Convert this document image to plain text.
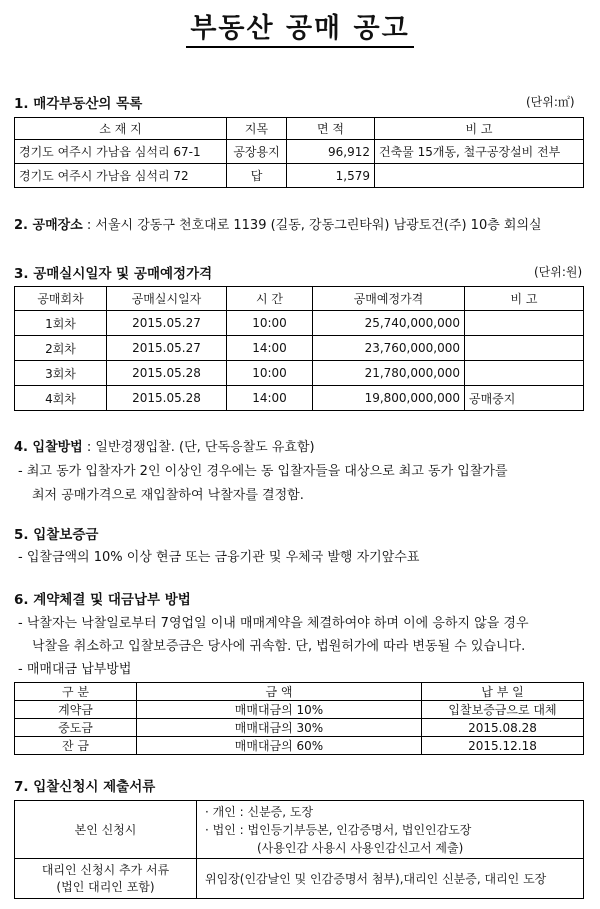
부동산 공매 공고
1. 매각부동산의 목록	(단위:㎡)
소 재 지	지목	면 적	비 고
경기도 여주시 가남읍 심석리 67-1	공장용지	96,912	건축물 15개동, 철구공장설비 전부
경기도 여주시 가남읍 심석리 72	답	1,579	
2. 공매장소 : 서울시 강동구 천호대로 1139 (길동, 강동그린타워) 남광토건(주) 10층 회의실
3. 공매실시일자 및 공매예정가격	(단위:원)
공매회차	공매실시일자	시 간	공매예정가격	비 고
1회차	2015.05.27	10:00	25,740,000,000	
2회차	2015.05.27	14:00	23,760,000,000	
3회차	2015.05.28	10:00	21,780,000,000	
4회차	2015.05.28	14:00	19,800,000,000	공매중지
4. 입찰방법 : 일반경쟁입찰. (단, 단독응찰도 유효함)
- 최고 동가 입찰자가 2인 이상인 경우에는 동 입찰자들을 대상으로 최고 동가 입찰가를
최저 공매가격으로 재입찰하여 낙찰자를 결정함.
5. 입찰보증금
- 입찰금액의 10% 이상 현금 또는 금융기관 및 우체국 발행 자기앞수표
6. 계약체결 및 대금납부 방법
- 낙찰자는 낙찰일로부터 7영업일 이내 매매계약을 체결하여야 하며 이에 응하지 않을 경우
낙찰을 취소하고 입찰보증금은 당사에 귀속함. 단, 법원허가에 따라 변동될 수 있습니다.
- 매매대금 납부방법
구 분	금 액	납 부 일
계약금	매매대금의 10%	입찰보증금으로 대체
중도금	매매대금의 30%	2015.08.28
잔 금	매매대금의 60%	2015.12.18
7. 입찰신청시 제출서류
본인 신청시	· 개인 : 신분증, 도장
· 법인 : 법인등기부등본, 인감증명서, 법인인감도장
(사용인감 사용시 사용인감신고서 제출)

대리인 신청시 추가 서류
(법인 대리인 포함)	위임장(인감날인 및 인감증명서 첨부),대리인 신분증, 대리인 도장
